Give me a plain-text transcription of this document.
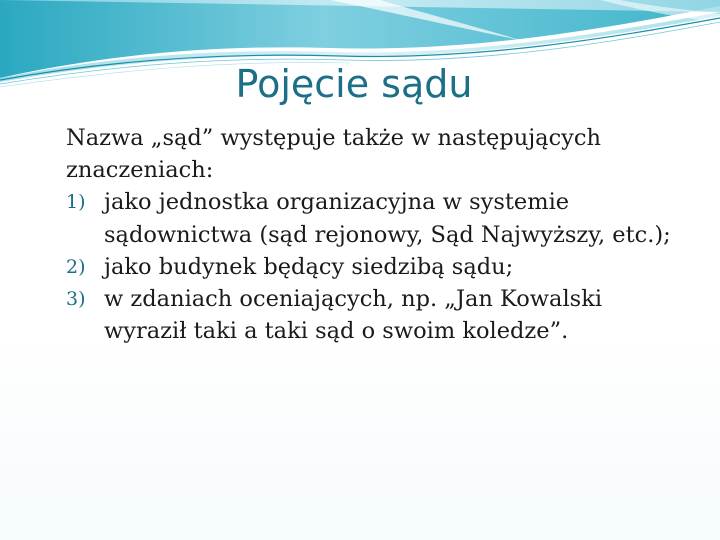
Pojęcie sądu

Nazwa „sąd” występuje także w następujących znaczeniach:

1) jako jednostka organizacyjna w systemie sądownictwa (sąd rejonowy, Sąd Najwyższy, etc.);
2) jako budynek będący siedzibą sądu;
3) w zdaniach oceniających, np. „Jan Kowalski wyraził taki a taki sąd o swoim koledze”.
